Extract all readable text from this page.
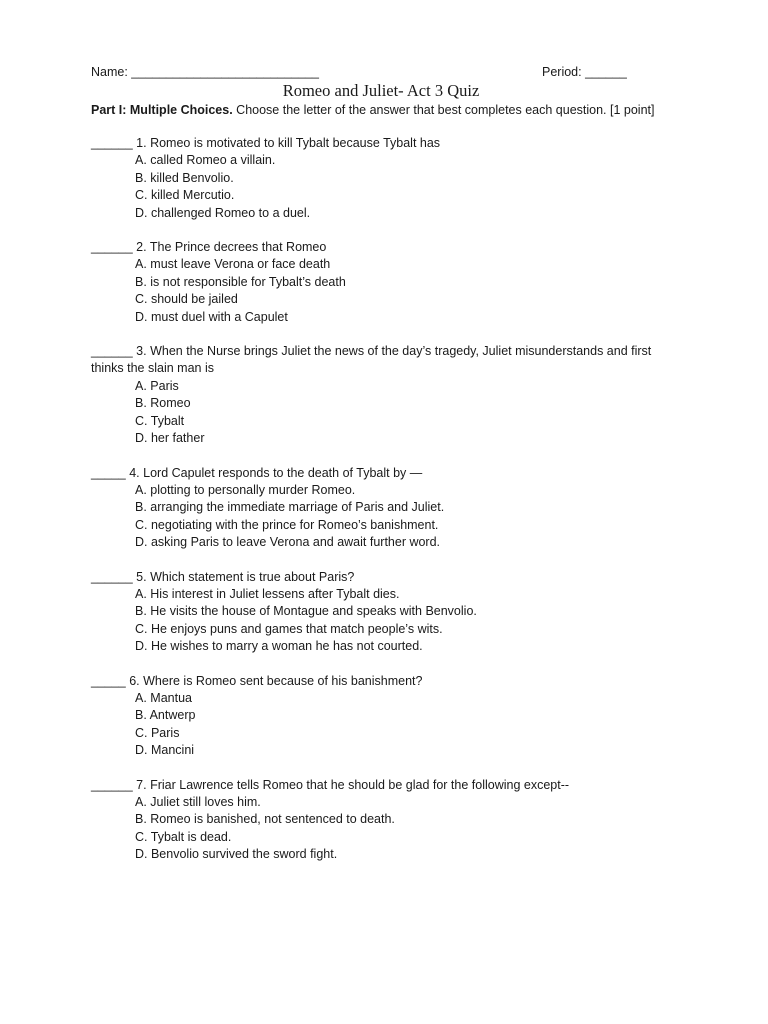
Name: ___________________________	Period: ______
Romeo and Juliet- Act 3 Quiz
Part I: Multiple Choices. Choose the letter of the answer that best completes each question. [1 point]
______ 1. Romeo is motivated to kill Tybalt because Tybalt has
A. called Romeo a villain.
B. killed Benvolio.
C. killed Mercutio.
D. challenged Romeo to a duel.
______ 2. The Prince decrees that Romeo
A. must leave Verona or face death
B. is not responsible for Tybalt’s death
C. should be jailed
D. must duel with a Capulet
______ 3. When the Nurse brings Juliet the news of the day’s tragedy, Juliet misunderstands and first thinks the slain man is
A. Paris
B. Romeo
C. Tybalt
D. her father
_____ 4. Lord Capulet responds to the death of Tybalt by —
A. plotting to personally murder Romeo.
B. arranging the immediate marriage of Paris and Juliet.
C. negotiating with the prince for Romeo’s banishment.
D. asking Paris to leave Verona and await further word.
______ 5. Which statement is true about Paris?
A. His interest in Juliet lessens after Tybalt dies.
B. He visits the house of Montague and speaks with Benvolio.
C. He enjoys puns and games that match people’s wits.
D. He wishes to marry a woman he has not courted.
_____ 6. Where is Romeo sent because of his banishment?
A. Mantua
B. Antwerp
C. Paris
D. Mancini
______ 7. Friar Lawrence tells Romeo that he should be glad for the following except--
A. Juliet still loves him.
B. Romeo is banished, not sentenced to death.
C. Tybalt is dead.
D. Benvolio survived the sword fight.
